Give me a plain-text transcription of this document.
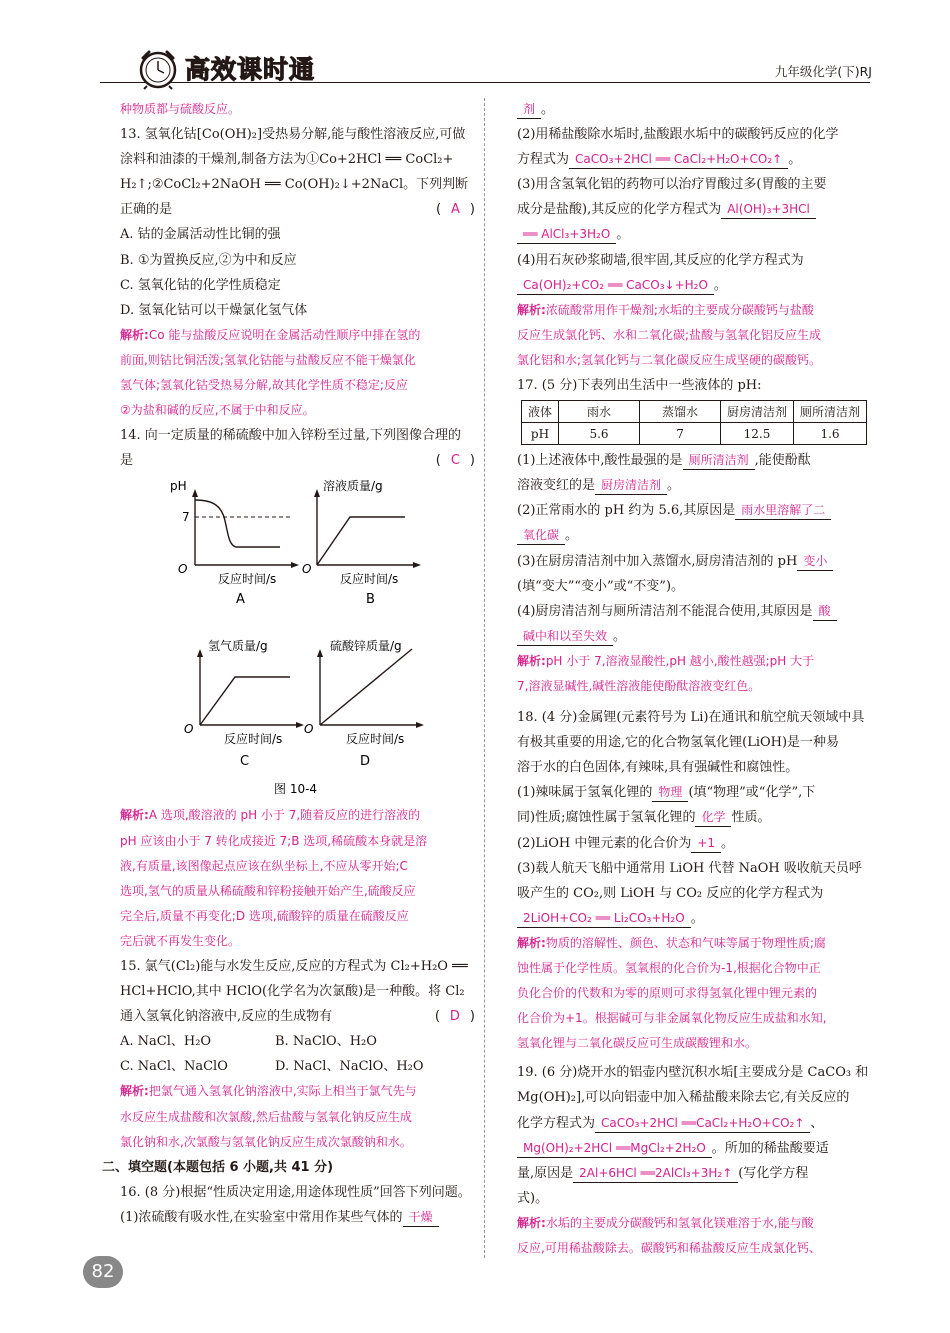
高效课时通	九年级化学(下)RJ
种物质都与硫酸反应。
13. 氢氧化钴[Co(OH)₂]受热易分解,能与酸性溶液反应,可做
涂料和油漆的干燥剂,制备方法为①Co+2HCl ══ CoCl₂+
H₂↑;②CoCl₂+2NaOH ══ Co(OH)₂↓+2NaCl。下列判断
正确的是	( A )
A. 钴的金属活动性比铜的强
B. ①为置换反应,②为中和反应
C. 氢氧化钴的化学性质稳定
D. 氢氧化钴可以干燥氯化氢气体
解析:Co 能与盐酸反应说明在金属活动性顺序中排在氢的
前面,则钴比铜活泼;氢氧化钴能与盐酸反应不能干燥氯化
氢气体;氢氧化钴受热易分解,故其化学性质不稳定;反应
②为盐和碱的反应,不属于中和反应。
14. 向一定质量的稀硫酸中加入锌粉至过量,下列图像合理的
是	( C )
pH
7
O
反应时间/s
A
溶液质量/g
O
反应时间/s
B
氢气质量/g
O
反应时间/s
C
硫酸锌质量/g
O
反应时间/s
D
图 10-4
解析:A 选项,酸溶液的 pH 小于 7,随着反应的进行溶液的
pH 应该由小于 7 转化成接近 7;B 选项,稀硫酸本身就是溶
液,有质量,该图像起点应该在纵坐标上,不应从零开始;C
选项,氢气的质量从稀硫酸和锌粉接触开始产生,硫酸反应
完全后,质量不再变化;D 选项,硫酸锌的质量在硫酸反应
完后就不再发生变化。
15. 氯气(Cl₂)能与水发生反应,反应的方程式为 Cl₂+H₂O ══
HCl+HClO,其中 HClO(化学名为次氯酸)是一种酸。将 Cl₂
通入氢氧化钠溶液中,反应的生成物有	( D )
A. NaCl、H₂O	B. NaClO、H₂O
C. NaCl、NaClO	D. NaCl、NaClO、H₂O
解析:把氯气通入氢氧化钠溶液中,实际上相当于氯气先与
水反应生成盐酸和次氯酸,然后盐酸与氢氧化钠反应生成
氯化钠和水,次氯酸与氢氧化钠反应生成次氯酸钠和水。
二、填空题(本题包括 6 小题,共 41 分)
16. (8 分)根据“性质决定用途,用途体现性质”回答下列问题。
(1)浓硫酸有吸水性,在实验室中常用作某些气体的 干燥
剂 。
(2)用稀盐酸除水垢时,盐酸跟水垢中的碳酸钙反应的化学
方程式为 CaCO₃+2HCl ══ CaCl₂+H₂O+CO₂↑ 。
(3)用含氢氧化铝的药物可以治疗胃酸过多(胃酸的主要
成分是盐酸),其反应的化学方程式为 Al(OH)₃+3HCl
══ AlCl₃+3H₂O 。
(4)用石灰砂浆砌墙,很牢固,其反应的化学方程式为
Ca(OH)₂+CO₂ ══ CaCO₃↓+H₂O 。
解析:浓硫酸常用作干燥剂;水垢的主要成分碳酸钙与盐酸
反应生成氯化钙、水和二氧化碳;盐酸与氢氧化铝反应生成
氯化铝和水;氢氧化钙与二氧化碳反应生成坚硬的碳酸钙。
17. (5 分)下表列出生活中一些液体的 pH:
液体	雨水	蒸馏水	厨房清洁剂	厕所清洁剂
pH	5.6	7	12.5	1.6
(1)上述液体中,酸性最强的是 厕所清洁剂 ,能使酚酞
溶液变红的是 厨房清洁剂 。
(2)正常雨水的 pH 约为 5.6,其原因是 雨水里溶解了二
氧化碳 。
(3)在厨房清洁剂中加入蒸馏水,厨房清洁剂的 pH 变小
(填“变大”“变小”或“不变”)。
(4)厨房清洁剂与厕所清洁剂不能混合使用,其原因是 酸
碱中和以至失效 。
解析:pH 小于 7,溶液显酸性,pH 越小,酸性越强;pH 大于
7,溶液显碱性,碱性溶液能使酚酞溶液变红色。
18. (4 分)金属锂(元素符号为 Li)在通讯和航空航天领域中具
有极其重要的用途,它的化合物氢氧化锂(LiOH)是一种易
溶于水的白色固体,有辣味,具有强碱性和腐蚀性。
(1)辣味属于氢氧化锂的 物理 (填“物理”或“化学”,下
同)性质;腐蚀性属于氢氧化锂的 化学 性质。
(2)LiOH 中锂元素的化合价为 +1 。
(3)载人航天飞船中通常用 LiOH 代替 NaOH 吸收航天员呼
吸产生的 CO₂,则 LiOH 与 CO₂ 反应的化学方程式为
2LiOH+CO₂ ══ Li₂CO₃+H₂O 。
解析:物质的溶解性、颜色、状态和气味等属于物理性质;腐
蚀性属于化学性质。氢氧根的化合价为-1,根据化合物中正
负化合价的代数和为零的原则可求得氢氧化锂中锂元素的
化合价为+1。根据碱可与非金属氧化物反应生成盐和水知,
氢氧化锂与二氧化碳反应可生成碳酸锂和水。
19. (6 分)烧开水的铝壶内壁沉积水垢[主要成分是 CaCO₃ 和
Mg(OH)₂],可以向铝壶中加入稀盐酸来除去它,有关反应的
化学方程式为 CaCO₃+2HCl ══CaCl₂+H₂O+CO₂↑ 、
Mg(OH)₂+2HCl ══MgCl₂+2H₂O 。所加的稀盐酸要适
量,原因是 2Al+6HCl ══2AlCl₃+3H₂↑ (写化学方程
式)。
解析:水垢的主要成分碳酸钙和氢氧化镁难溶于水,能与酸
反应,可用稀盐酸除去。碳酸钙和稀盐酸反应生成氯化钙、
82
